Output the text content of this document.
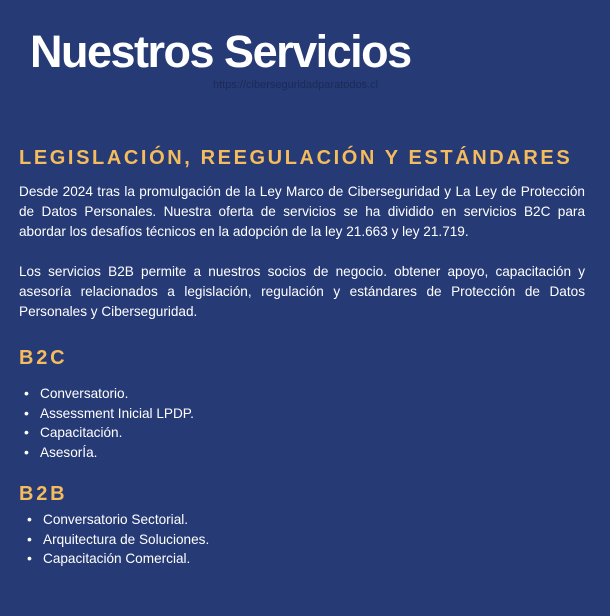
Nuestros Servicios
https://ciberseguridadparatodos.cl
LEGISLACIÓN, REEGULACIÓN Y ESTÁNDARES

Desde 2024 tras la promulgación de la Ley Marco de Ciberseguridad y La Ley de Protección de Datos Personales. Nuestra oferta de servicios se ha dividido en servicios B2C para abordar los desafíos técnicos en la adopción de la ley 21.663 y ley 21.719.

Los servicios B2B permite a nuestros socios de negocio. obtener apoyo, capacitación y asesoría relacionados a legislación, regulación y estándares de Protección de Datos Personales y Ciberseguridad.

B2C
• Conversatorio.
• Assessment Inicial LPDP.
• Capacitación.
• AsesorÍa.
B2B
• Conversatorio Sectorial.
• Arquitectura de Soluciones.
• Capacitación Comercial.
